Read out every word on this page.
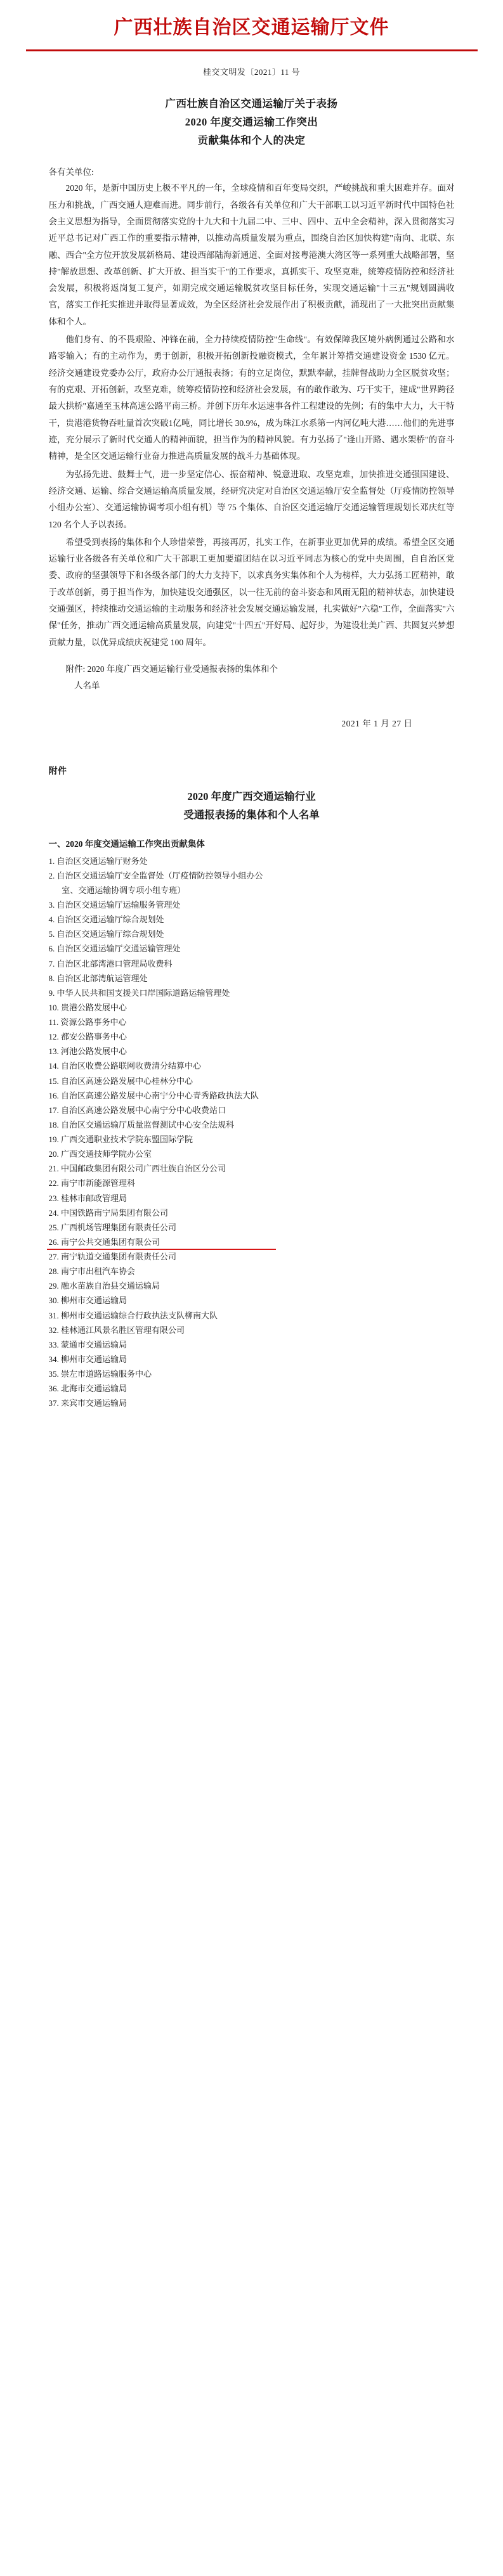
广西壮族自治区交通运输厅文件
桂交文明发〔2021〕11 号
广西壮族自治区交通运输厅关于表扬
2020 年度交通运输工作突出
贡献集体和个人的决定
各有关单位:

2020 年，是新中国历史上极不平凡的一年，全球疫情和百年变局交织，严峻挑战和重大困难并存。面对压力和挑战，广西交通人迎难而进。同步前行，各级各有关单位和广大干部职工以习近平新时代中国特色社会主义思想为指导，全面贯彻落实党的十九大和十九届二中、三中、四中、五中全会精神，深入贯彻落实习近平总书记对广西工作的重要指示精神，以推动高质量发展为重点，围绕自治区加快构建"南向、北联、东融、西合"全方位开放发展新格局、建设西部陆海新通道、全面对接粤港澳大湾区等一系列重大战略部署，坚持"解放思想、改革创新、扩大开放、担当实干"的工作要求，真抓实干、攻坚克难，统筹疫情防控和经济社会发展，积极将返岗复工复产，如期完成交通运输脱贫攻坚目标任务，实现交通运输"十三五"规划圆满收官，落实工作托实推进并取得显著成效，为全区经济社会发展作出了积极贡献，涌现出了一大批突出贡献集体和个人。

他们身有、的不畏艰险、冲锋在前，全力持续疫情防控"生命线"。有效保障我区境外病例通过公路和水路零输入；有的主动作为，勇于创新，积极开拓创新投融资模式，全年累计筹措交通建设资金 1530 亿元。经济交通建设党委办公厅，政府办公厅通报表扬；有的立足岗位，默默奉献，挂牌督战助力全区脱贫攻坚；有的克艰、开拓创新，攻坚克难，统筹疫情防控和经济社会发展，有的敢作敢为、巧干实干，建成"世界跨径最大拱桥"嘉通至玉林高速公路平南三桥。并创下历年水运速事各件工程建设的先例；有的集中大力，大干特干，贵港港货物吞吐量首次突破1亿吨，同比增长 30.9%，成为珠江水系第一内河亿吨大港……他们的先进事迹，充分展示了新时代交通人的精神面貌，担当作为的精神风貌。有力弘扬了"逢山开路、遇水架桥"的奋斗精神，是全区交通运输行业奋力推进高质量发展的战斗力基础体现。

为弘扬先进、鼓舞士气，进一步坚定信心、振奋精神、锐意进取、攻坚克难，加快推进交通强国建设、经济交通、运输、综合交通运输高质量发展，经研究决定对自治区交通运输厅安全监督处（厅疫情防控领导小组办公室）、交通运输协调考项小组有机）等 75 个集体、自治区交通运输厅交通运输管理规划长邓庆红等 120 名个人予以表扬。

希望受到表扬的集体和个人珍惜荣誉，再接再厉，扎实工作，在新事业更加优异的成绩。希望全区交通运输行业各级各有关单位和广大干部职工更加要道团结在以习近平同志为核心的党中央周围，自自治区党委、政府的坚强领导下和各级各部门的大力支持下，以求真务实集体和个人为榜样，大力弘扬工匠精神，敢于改革创新，勇于担当作为，加快建设交通强区，以一往无前的奋斗姿态和风雨无阻的精神状态，加快建设交通强区，持续推动交通运输的主动服务和经济社会发展交通运输发展，扎实做好"六稳"工作，全面落实"六保"任务，推动广西交通运输高质量发展，向建党"十四五"开好局、起好步，为建设壮美广西、共圆复兴梦想贡献力量，以优异成绩庆祝建党 100 周年。

附件: 2020 年度广西交通运输行业受通报表扬的集体和个
人名单
2021 年 1 月 27 日
附件
2020 年度广西交通运输行业
受通报表扬的集体和个人名单
一、2020 年度交通运输工作突出贡献集体
1. 自治区交通运输厅财务处
2. 自治区交通运输厅安全监督处（厅疫情防控领导小组办公
室、交通运输协调专项小组专班）
3. 自治区交通运输厅运输服务管理处
4. 自治区交通运输厅综合规划处
5. 自治区交通运输厅综合规划处
6. 自治区交通运输厅交通运输管理处
7. 自治区北部湾港口管理局收费科
8. 自治区北部湾航运管理处
9. 中华人民共和国支援关口岸国际道路运输管理处
10. 贵港公路发展中心
11. 资源公路事务中心
12. 都安公路事务中心
13. 河池公路发展中心
14. 自治区收费公路联网收费清分结算中心
15. 自治区高速公路发展中心桂林分中心
16. 自治区高速公路发展中心南宁分中心青秀路政执法大队
17. 自治区高速公路发展中心南宁分中心收费站口
18. 自治区交通运输厅质量监督测试中心安全法规科
19. 广西交通职业技术学院东盟国际学院
20. 广西交通技师学院办公室
21. 中国邮政集团有限公司广西壮族自治区分公司
22. 南宁市新能源管理科
23. 桂林市邮政管理局
24. 中国铁路南宁局集团有限公司
25. 广西机场管理集团有限责任公司
26. 南宁公共交通集团有限公司
27. 南宁轨道交通集团有限责任公司
28. 南宁市出租汽车协会
29. 融水苗族自治县交通运输局
30. 柳州市交通运输局
31. 柳州市交通运输综合行政执法支队柳南大队
32. 桂林通江风景名胜区管理有限公司
33. 蒙通市交通运输局
34. 柳州市交通运输局
35. 崇左市道路运输服务中心
36. 北海市交通运输局
37. 来宾市交通运输局
